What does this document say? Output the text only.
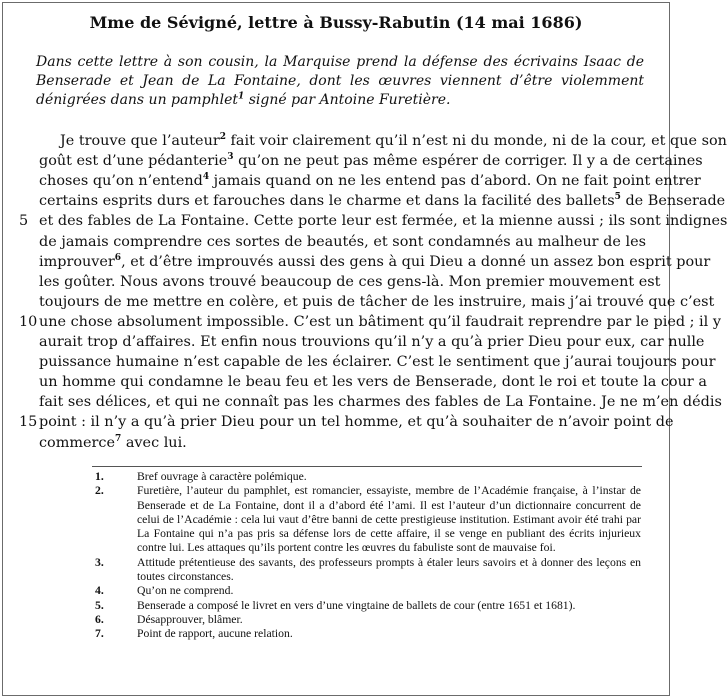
Mme de Sévigné, lettre à Bussy-Rabutin (14 mai 1686)
Dans cette lettre à son cousin, la Marquise prend la défense des écrivains Isaac de Benserade et Jean de La Fontaine, dont les œuvres viennent d’être violemment dénigrées dans un pamphlet$^1$ signé par Antoine Furetière.
Je trouve que l’auteur$^2$ fait voir clairement qu’il n’est ni du monde, ni de la cour, et que son
goût est d’une pédanterie$^3$ qu’on ne peut pas même espérer de corriger. Il y a de certaines
choses qu’on n’entend$^4$ jamais quand on ne les entend pas d’abord. On ne fait point entrer
certains esprits durs et farouches dans le charme et dans la facilité des ballets$^5$ de Benserade
et des fables de La Fontaine. Cette porte leur est fermée, et la mienne aussi ; ils sont indignes
de jamais comprendre ces sortes de beautés, et sont condamnés au malheur de les
improuver$^6$, et d’être improuvés aussi des gens à qui Dieu a donné un assez bon esprit pour
les goûter. Nous avons trouvé beaucoup de ces gens-là. Mon premier mouvement est
toujours de me mettre en colère, et puis de tâcher de les instruire, mais j’ai trouvé que c’est
une chose absolument impossible. C’est un bâtiment qu’il faudrait reprendre par le pied ; il y
aurait trop d’affaires. Et enfin nous trouvions qu’il n’y a qu’à prier Dieu pour eux, car nulle
puissance humaine n’est capable de les éclairer. C’est le sentiment que j’aurai toujours pour
un homme qui condamne le beau feu et les vers de Benserade, dont le roi et toute la cour a
fait ses délices, et qui ne connaît pas les charmes des fables de La Fontaine. Je ne m’en dédis
point : il n’y a qu’à prier Dieu pour un tel homme, et qu’à souhaiter de n’avoir point de
commerce$^7$ avec lui.
5
10
15
1.	Bref ouvrage à caractère polémique.
2.	Furetière, l’auteur du pamphlet, est romancier, essayiste, membre de l’Académie française, à l’instar de Benserade et de La Fontaine, dont il a d’abord été l’ami. Il est l’auteur d’un dictionnaire concurrent de celui de l’Académie : cela lui vaut d’être banni de cette prestigieuse institution. Estimant avoir été trahi par La Fontaine qui n’a pas pris sa défense lors de cette affaire, il se venge en publiant des écrits injurieux contre lui. Les attaques qu’ils portent contre les œuvres du fabuliste sont de mauvaise foi.
3.	Attitude prétentieuse des savants, des professeurs prompts à étaler leurs savoirs et à donner des leçons en toutes circonstances.
4.	Qu’on ne comprend.
5.	Benserade a composé le livret en vers d’une vingtaine de ballets de cour (entre 1651 et 1681).
6.	Désapprouver, blâmer.
7.	Point de rapport, aucune relation.
